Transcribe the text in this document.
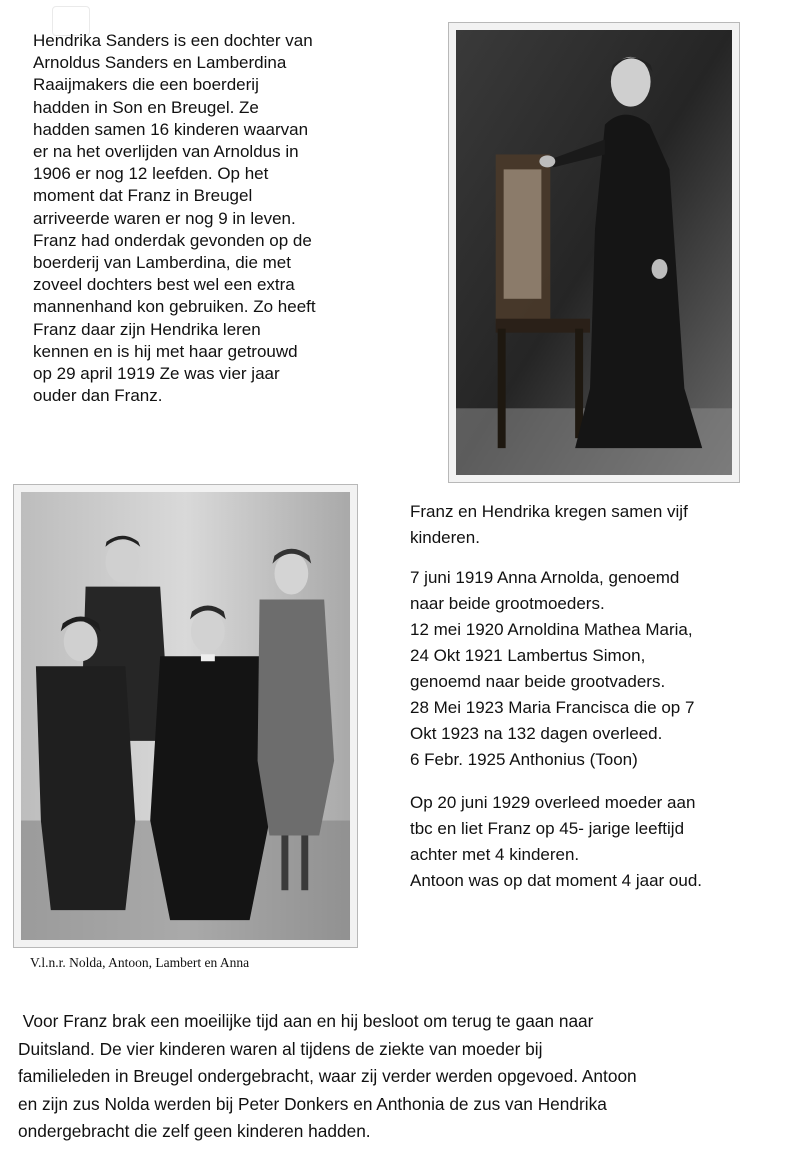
Hendrika Sanders is een dochter van
Arnoldus Sanders en Lamberdina
Raaijmakers die een boerderij
hadden in Son en Breugel. Ze
hadden samen 16 kinderen waarvan
er na het overlijden van Arnoldus in
1906 er nog 12 leefden. Op het
moment dat Franz in Breugel
arriveerde waren er nog 9 in leven.
Franz had onderdak gevonden op de
boerderij van Lamberdina, die met
zoveel dochters best wel een extra
mannenhand kon gebruiken. Zo heeft
Franz daar zijn Hendrika leren
kennen en is hij met haar getrouwd
op 29 april 1919 Ze was vier jaar
ouder dan Franz.
V.l.n.r. Nolda, Antoon, Lambert en Anna
Franz en Hendrika kregen samen vijf
kinderen.
7 juni 1919 Anna Arnolda, genoemd
naar beide grootmoeders.
12 mei 1920 Arnoldina Mathea Maria,
24 Okt 1921 Lambertus Simon,
genoemd naar beide grootvaders.
28 Mei 1923 Maria Francisca die op 7
Okt 1923 na 132 dagen overleed.
6 Febr. 1925 Anthonius (Toon)
Op 20 juni 1929 overleed moeder aan
tbc en liet Franz op 45- jarige leeftijd
achter met 4 kinderen.
Antoon was op dat moment 4 jaar oud.
Voor Franz brak een moeilijke tijd aan en hij besloot om terug te gaan naar
Duitsland. De vier kinderen waren al tijdens de ziekte van moeder bij
familieleden in Breugel ondergebracht, waar zij verder werden opgevoed. Antoon
en zijn zus Nolda werden bij Peter Donkers en Anthonia de zus van Hendrika
ondergebracht die zelf geen kinderen hadden.
